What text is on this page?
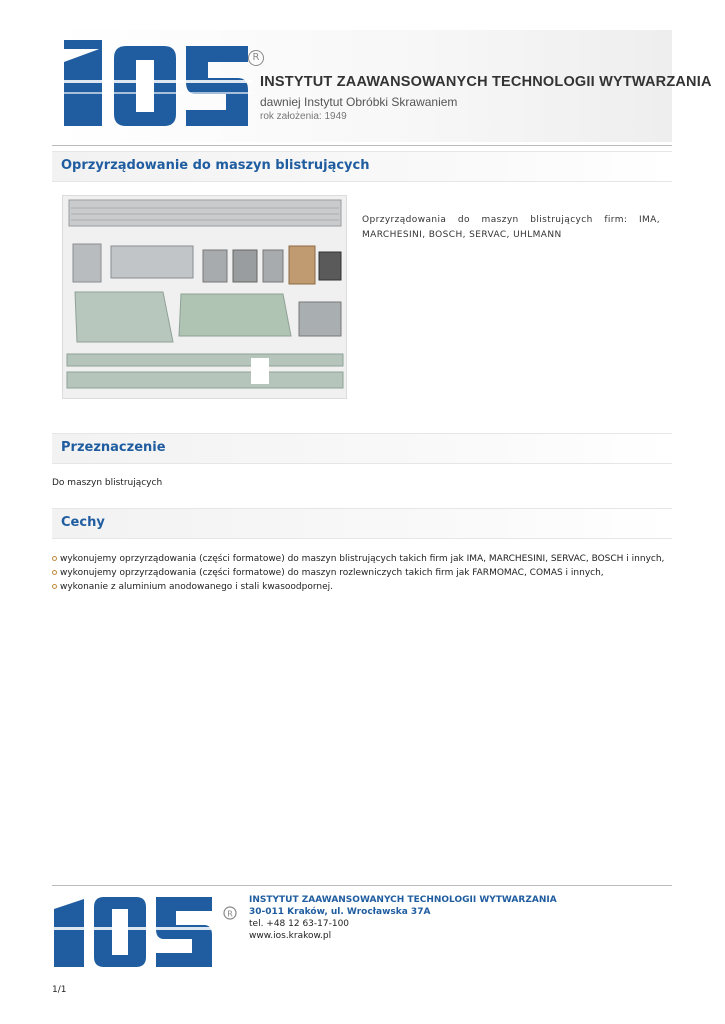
R
INSTYTUT ZAAWANSOWANYCH TECHNOLOGII WYTWARZANIA
dawniej Instytut Obróbki Skrawaniem
rok założenia: 1949
Oprzyrządowanie do maszyn blistrujących
Oprzyrządowania do maszyn blistrujących firm: IMA, MARCHESINI, BOSCH, SERVAC, UHLMANN
Przeznaczenie
Do maszyn blistrujących
Cechy
wykonujemy oprzyrządowania (części formatowe) do maszyn blistrujących takich firm jak IMA, MARCHESINI, SERVAC, BOSCH i innych,
wykonujemy oprzyrządowania (części formatowe) do maszyn rozlewniczych takich firm jak FARMOMAC, COMAS i innych,
wykonanie z aluminium anodowanego i stali kwasoodpornej.
R
INSTYTUT ZAAWANSOWANYCH TECHNOLOGII WYTWARZANIA
30-011 Kraków, ul. Wrocławska 37A
tel. +48 12 63-17-100
www.ios.krakow.pl
1/1
